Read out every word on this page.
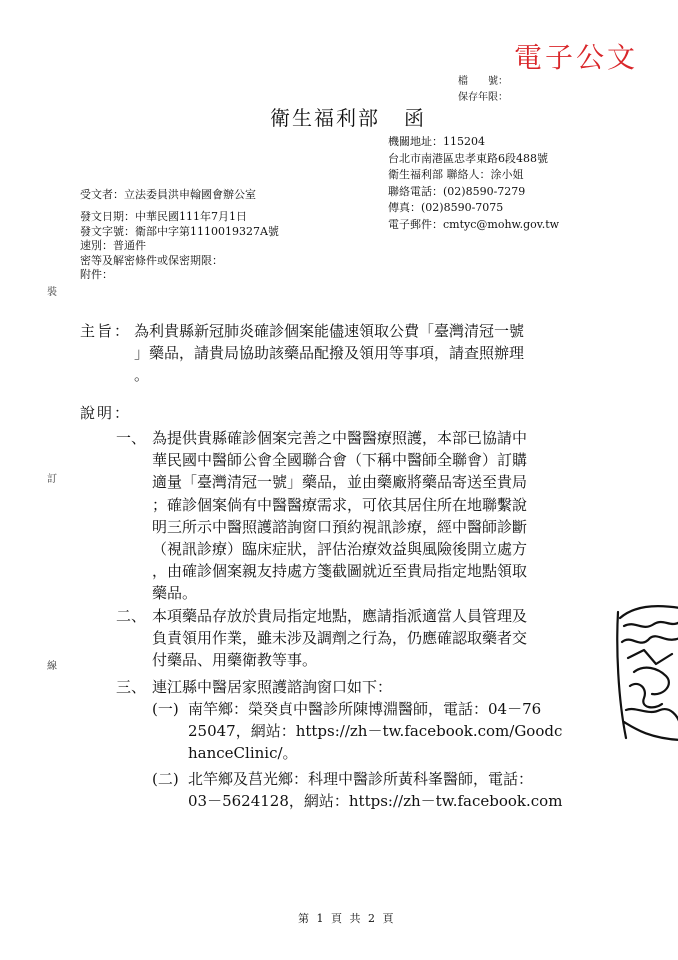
電子公文
檔　　號：
保存年限：
衛生福利部 函
機關地址：115204
台北市南港區忠孝東路6段488號
衛生福利部 聯絡人：涂小姐
聯絡電話：(02)8590-7279
傳真：(02)8590-7075
電子郵件：cmtyc@mohw.gov.tw
受文者：立法委員洪申翰國會辦公室
發文日期：中華民國111年7月1日
發文字號：衛部中字第1110019327A號
速別：普通件
密等及解密條件或保密期限：
附件：
裝
訂
線
主旨： 為利貴縣新冠肺炎確診個案能儘速領取公費「臺灣清冠一號
」藥品，請貴局協助該藥品配撥及領用等事項，請查照辦理
。
說明：
一、 為提供貴縣確診個案完善之中醫醫療照護，本部已協請中
華民國中醫師公會全國聯合會（下稱中醫師全聯會）訂購
適量「臺灣清冠一號」藥品，並由藥廠將藥品寄送至貴局
；確診個案倘有中醫醫療需求，可依其居住所在地聯繫說
明三所示中醫照護諮詢窗口預約視訊診療，經中醫師診斷
（視訊診療）臨床症狀，評估治療效益與風險後開立處方
，由確診個案親友持處方箋截圖就近至貴局指定地點領取
藥品。
二、 本項藥品存放於貴局指定地點，應請指派適當人員管理及
負責領用作業，雖未涉及調劑之行為，仍應確認取藥者交
付藥品、用藥衛教等事。
三、 連江縣中醫居家照護諮詢窗口如下：
(一) 南竿鄉：榮癸貞中醫診所陳博淵醫師，電話：04－76
25047，網站：https://zh－tw.facebook.com/Goodc
hanceClinic/。
(二) 北竿鄉及莒光鄉：科理中醫診所黃科峯醫師，電話：
03－5624128，網站：https://zh－tw.facebook.com
第 1 頁 共 2 頁
